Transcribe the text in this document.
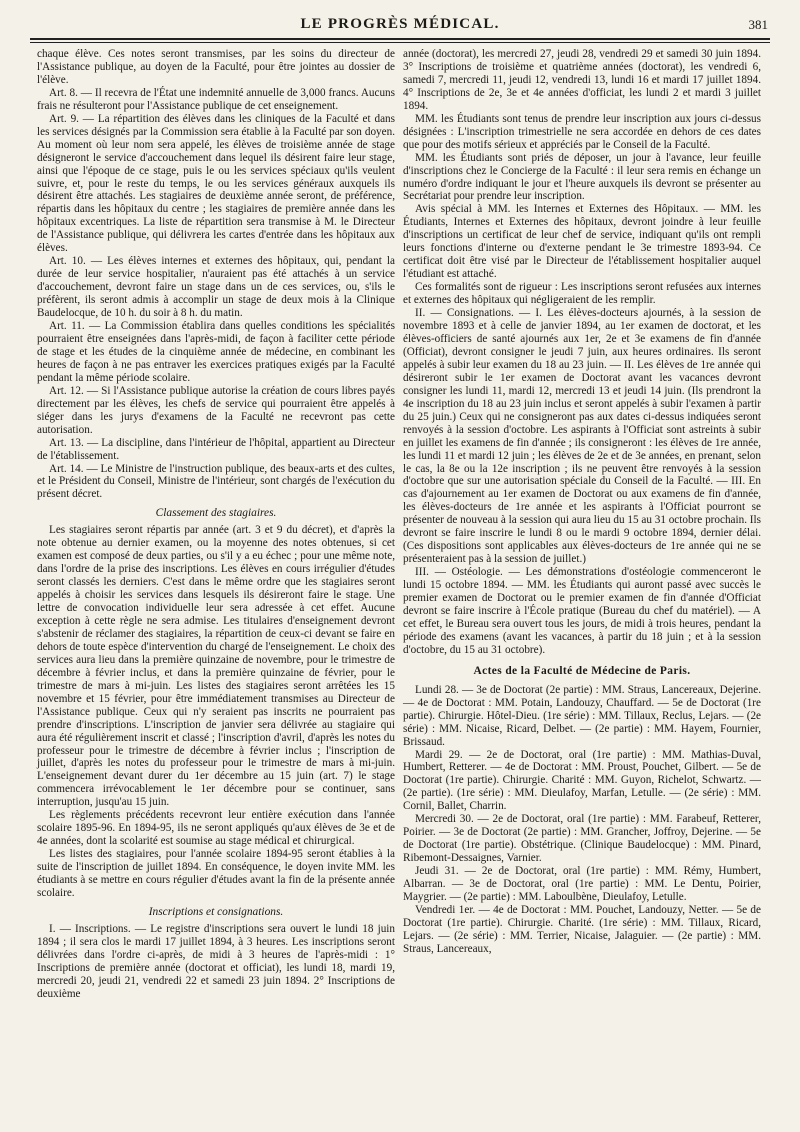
LE PROGRÈS MÉDICAL.	381

chaque élève. Ces notes seront transmises, par les soins du directeur de l'Assistance publique, au doyen de la Faculté, pour être jointes au dossier de l'élève.

Art. 8. — Il recevra de l'État une indemnité annuelle de 3,000 francs. Aucuns frais ne résulteront pour l'Assistance publique de cet enseignement.

Art. 9. — La répartition des élèves dans les cliniques de la Faculté et dans les services désignés par la Commission sera établie à la Faculté par son doyen. Au moment où leur nom sera appelé, les élèves de troisième année de stage désigneront le service d'accouchement dans lequel ils désirent faire leur stage, ainsi que l'époque de ce stage, puis le ou les services spéciaux qu'ils veulent suivre, et, pour le reste du temps, le ou les services généraux auxquels ils désirent être attachés. Les stagiaires de deuxième année seront, de préférence, répartis dans les hôpitaux du centre ; les stagiaires de première année dans les hôpitaux excentriques. La liste de répartition sera transmise à M. le Directeur de l'Assistance publique, qui délivrera les cartes d'entrée dans les hôpitaux aux élèves.

Art. 10. — Les élèves internes et externes des hôpitaux, qui, pendant la durée de leur service hospitalier, n'auraient pas été attachés à un service d'accouchement, devront faire un stage dans un de ces services, ou, s'ils le préfèrent, ils seront admis à accomplir un stage de deux mois à la Clinique Baudelocque, de 10 h. du soir à 8 h. du matin.

Art. 11. — La Commission établira dans quelles conditions les spécialités pourraient être enseignées dans l'après-midi, de façon à faciliter cette période de stage et les études de la cinquième année de médecine, en combinant les heures de façon à ne pas entraver les exercices pratiques exigés par la Faculté pendant la même période scolaire.

Art. 12. — Si l'Assistance publique autorise la création de cours libres payés directement par les élèves, les chefs de service qui pourraient être appelés à siéger dans les jurys d'examens de la Faculté ne recevront pas cette autorisation.

Art. 13. — La discipline, dans l'intérieur de l'hôpital, appartient au Directeur de l'établissement.

Art. 14. — Le Ministre de l'instruction publique, des beaux-arts et des cultes, et le Président du Conseil, Ministre de l'intérieur, sont chargés de l'exécution du présent décret.

Classement des stagiaires.

Les stagiaires seront répartis par année (art. 3 et 9 du décret), et d'après la note obtenue au dernier examen, ou la moyenne des notes obtenues, si cet examen est composé de deux parties, ou s'il y a eu échec ; pour une même note, dans l'ordre de la prise des inscriptions. Les élèves en cours irrégulier d'études seront classés les derniers. C'est dans le même ordre que les stagiaires seront appelés à choisir les services dans lesquels ils désireront faire le stage. Une lettre de convocation individuelle leur sera adressée à cet effet. Aucune exception à cette règle ne sera admise. Les titulaires d'enseignement devront s'abstenir de réclamer des stagiaires, la répartition de ceux-ci devant se faire en dehors de toute espèce d'intervention du chargé de l'enseignement. Le choix des services aura lieu dans la première quinzaine de novembre, pour le trimestre de décembre à février inclus, et dans la première quinzaine de février, pour le trimestre de mars à mi-juin. Les listes des stagiaires seront arrêtées les 15 novembre et 15 février, pour être immédiatement transmises au Directeur de l'Assistance publique. Ceux qui n'y seraient pas inscrits ne pourraient pas prendre d'inscriptions. L'inscription de janvier sera délivrée au stagiaire qui aura été régulièrement inscrit et classé ; l'inscription d'avril, d'après les notes du professeur pour le trimestre de décembre à février inclus ; l'inscription de juillet, d'après les notes du professeur pour le trimestre de mars à mi-juin. L'enseignement devant durer du 1er décembre au 15 juin (art. 7) le stage commencera irrévocablement le 1er décembre pour se continuer, sans interruption, jusqu'au 15 juin.

Les règlements précédents recevront leur entière exécution dans l'année scolaire 1895-96. En 1894-95, ils ne seront appliqués qu'aux élèves de 3e et de 4e années, dont la scolarité est soumise au stage médical et chirurgical.

Les listes des stagiaires, pour l'année scolaire 1894-95 seront établies à la suite de l'inscription de juillet 1894. En conséquence, le doyen invite MM. les étudiants à se mettre en cours régulier d'études avant la fin de la présente année scolaire.

Inscriptions et consignations.

I. — Inscriptions. — Le registre d'inscriptions sera ouvert le lundi 18 juin 1894 ; il sera clos le mardi 17 juillet 1894, à 3 heures. Les inscriptions seront délivrées dans l'ordre ci-après, de midi à 3 heures de l'après-midi : 1° Inscriptions de première année (doctorat et officiat), les lundi 18, mardi 19, mercredi 20, jeudi 21, vendredi 22 et samedi 23 juin 1894. 2° Inscriptions de deuxième

année (doctorat), les mercredi 27, jeudi 28, vendredi 29 et samedi 30 juin 1894. 3° Inscriptions de troisième et quatrième années (doctorat), les vendredi 6, samedi 7, mercredi 11, jeudi 12, vendredi 13, lundi 16 et mardi 17 juillet 1894. 4° Inscriptions de 2e, 3e et 4e années d'officiat, les lundi 2 et mardi 3 juillet 1894.

MM. les Étudiants sont tenus de prendre leur inscription aux jours ci-dessus désignées : L'inscription trimestrielle ne sera accordée en dehors de ces dates que pour des motifs sérieux et appréciés par le Conseil de la Faculté.

MM. les Étudiants sont priés de déposer, un jour à l'avance, leur feuille d'inscriptions chez le Concierge de la Faculté : il leur sera remis en échange un numéro d'ordre indiquant le jour et l'heure auxquels ils devront se présenter au Secrétariat pour prendre leur inscription.

Avis spécial à MM. les Internes et Externes des Hôpitaux. — MM. les Étudiants, Internes et Externes des hôpitaux, devront joindre à leur feuille d'inscriptions un certificat de leur chef de service, indiquant qu'ils ont rempli leurs fonctions d'interne ou d'externe pendant le 3e trimestre 1893-94. Ce certificat doit être visé par le Directeur de l'établissement hospitalier auquel l'étudiant est attaché.

Ces formalités sont de rigueur : Les inscriptions seront refusées aux internes et externes des hôpitaux qui négligeraient de les remplir.

II. — Consignations. — I. Les élèves-docteurs ajournés, à la session de novembre 1893 et à celle de janvier 1894, au 1er examen de doctorat, et les élèves-officiers de santé ajournés aux 1er, 2e et 3e examens de fin d'année (Officiat), devront consigner le jeudi 7 juin, aux heures ordinaires. Ils seront appelés à subir leur examen du 18 au 23 juin. — II. Les élèves de 1re année qui désireront subir le 1er examen de Doctorat avant les vacances devront consigner les lundi 11, mardi 12, mercredi 13 et jeudi 14 juin. (Ils prendront la 4e inscription du 18 au 23 juin inclus et seront appelés à subir l'examen à partir du 25 juin.) Ceux qui ne consigneront pas aux dates ci-dessus indiquées seront renvoyés à la session d'octobre. Les aspirants à l'Officiat sont astreints à subir en juillet les examens de fin d'année ; ils consigneront : les élèves de 1re année, les lundi 11 et mardi 12 juin ; les élèves de 2e et de 3e années, en prenant, selon le cas, la 8e ou la 12e inscription ; ils ne peuvent être renvoyés à la session d'octobre que sur une autorisation spéciale du Conseil de la Faculté. — III. En cas d'ajournement au 1er examen de Doctorat ou aux examens de fin d'année, les élèves-docteurs de 1re année et les aspirants à l'Officiat pourront se présenter de nouveau à la session qui aura lieu du 15 au 31 octobre prochain. Ils devront se faire inscrire le lundi 8 ou le mardi 9 octobre 1894, dernier délai. (Ces dispositions sont applicables aux élèves-docteurs de 1re année qui ne se présenteraient pas à la session de juillet.)

III. — Ostéologie. — Les démonstrations d'ostéologie commenceront le lundi 15 octobre 1894. — MM. les Étudiants qui auront passé avec succès le premier examen de Doctorat ou le premier examen de fin d'année d'Officiat devront se faire inscrire à l'École pratique (Bureau du chef du matériel). — A cet effet, le Bureau sera ouvert tous les jours, de midi à trois heures, pendant la période des examens (avant les vacances, à partir du 18 juin ; et à la session d'octobre, du 15 au 31 octobre).

Actes de la Faculté de Médecine de Paris.

Lundi 28. — 3e de Doctorat (2e partie) : MM. Straus, Lancereaux, Dejerine. — 4e de Doctorat : MM. Potain, Landouzy, Chauffard. — 5e de Doctorat (1re partie). Chirurgie. Hôtel-Dieu. (1re série) : MM. Tillaux, Reclus, Lejars. — (2e série) : MM. Nicaise, Ricard, Delbet. — (2e partie) : MM. Hayem, Fournier, Brissaud.

Mardi 29. — 2e de Doctorat, oral (1re partie) : MM. Mathias-Duval, Humbert, Retterer. — 4e de Doctorat : MM. Proust, Pouchet, Gilbert. — 5e de Doctorat (1re partie). Chirurgie. Charité : MM. Guyon, Richelot, Schwartz. — (2e partie). (1re série) : MM. Dieulafoy, Marfan, Letulle. — (2e série) : MM. Cornil, Ballet, Charrin.

Mercredi 30. — 2e de Doctorat, oral (1re partie) : MM. Farabeuf, Retterer, Poirier. — 3e de Doctorat (2e partie) : MM. Grancher, Joffroy, Dejerine. — 5e de Doctorat (1re partie). Obstétrique. (Clinique Baudelocque) : MM. Pinard, Ribemont-Dessaignes, Varnier.

Jeudi 31. — 2e de Doctorat, oral (1re partie) : MM. Rémy, Humbert, Albarran. — 3e de Doctorat, oral (1re partie) : MM. Le Dentu, Poirier, Maygrier. — (2e partie) : MM. Laboulbène, Dieulafoy, Letulle.

Vendredi 1er. — 4e de Doctorat : MM. Pouchet, Landouzy, Netter. — 5e de Doctorat (1re partie). Chirurgie. Charité. (1re série) : MM. Tillaux, Ricard, Lejars. — (2e série) : MM. Terrier, Nicaise, Jalaguier. — (2e partie) : MM. Straus, Lancereaux,
